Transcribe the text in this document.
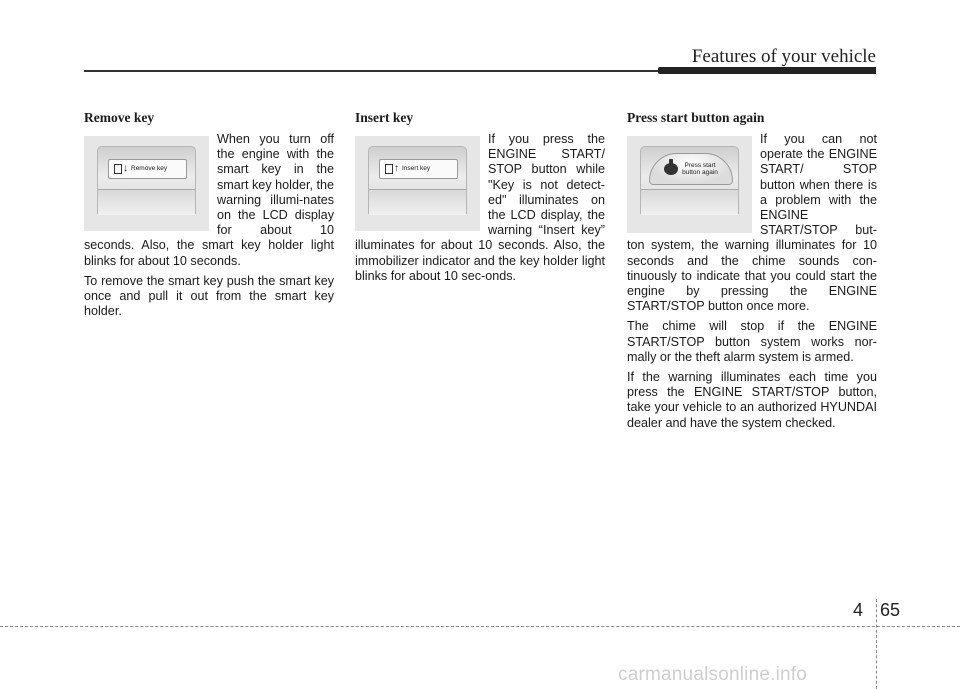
Features of your vehicle
Remove key
↓ Remove key

When you turn off the engine with the smart key in the smart key holder, the warning illumi-nates on the LCD display for about 10 seconds. Also, the smart key holder light blinks for about 10 seconds.

To remove the smart key push the smart key once and pull it out from the smart key holder.

Insert key
↑ Insert key

If you press the ENGINE START/ STOP button while "Key is not detect-ed" illuminates on the LCD display, the warning “Insert key” illuminates for about 10 seconds. Also, the immobilizer indicator and the key holder light blinks for about 10 sec-onds.

Press start button again
Press start
button again

If you can not operate the ENGINE START/ STOP button when there is a problem with the ENGINE START/STOP but-ton system, the warning illuminates for 10 seconds and the chime sounds con-tinuously to indicate that you could start the engine by pressing the ENGINE START/STOP button once more.

The chime will stop if the ENGINE START/STOP button system works nor-mally or the theft alarm system is armed.

If the warning illuminates each time you press the ENGINE START/STOP button, take your vehicle to an authorized HYUNDAI dealer and have the system checked.

4 65
carmanualsonline.info
